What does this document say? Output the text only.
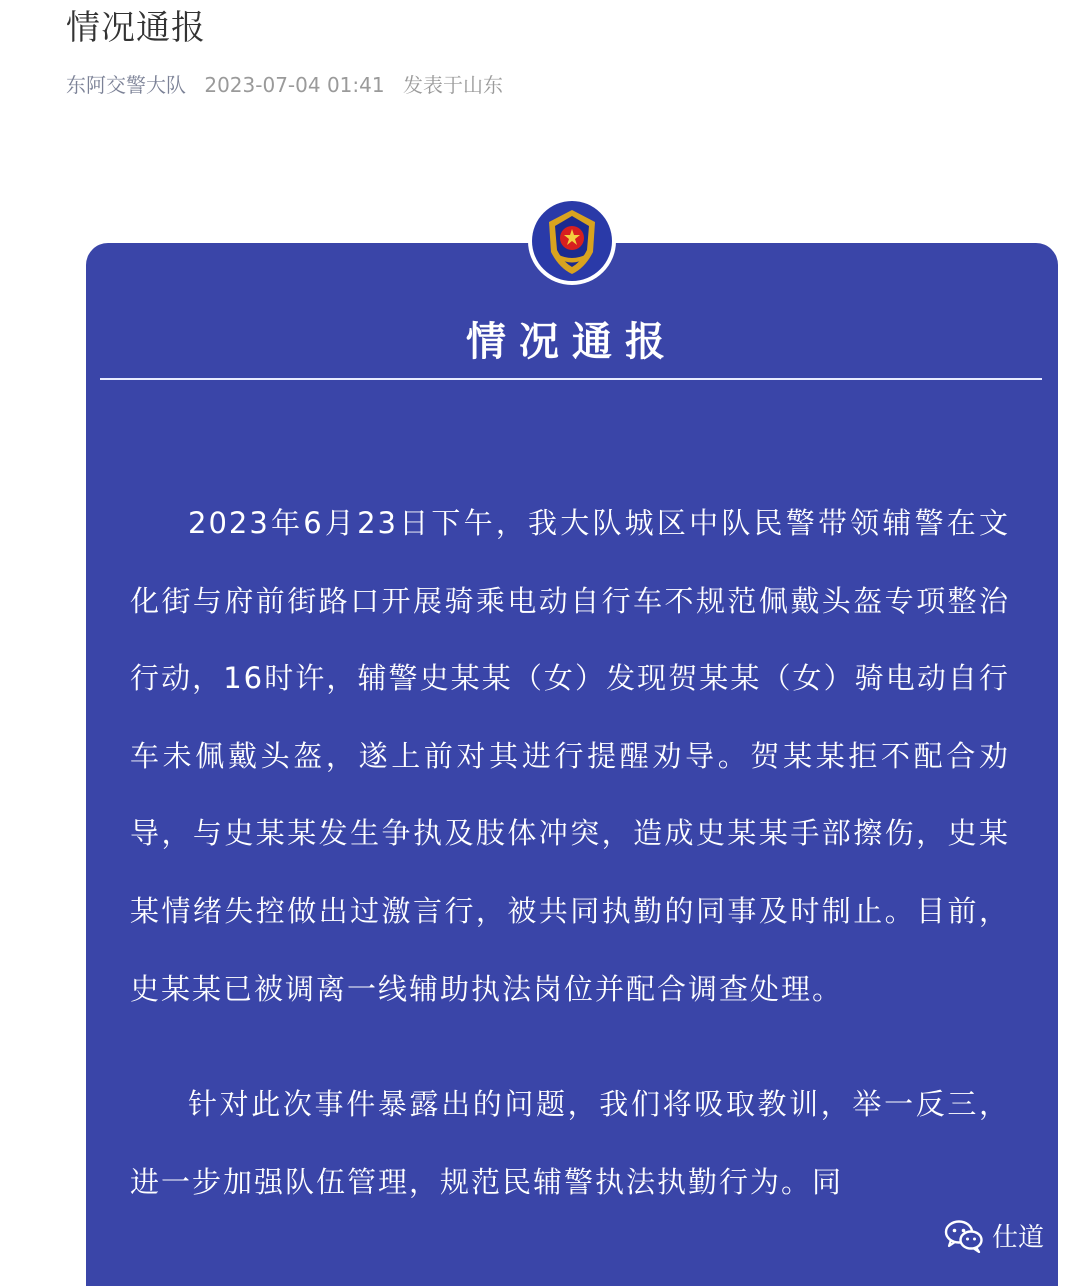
情况通报
东阿交警大队 2023-07-04 01:41 发表于山东
情况通报

2023年6月23日下午，我大队城区中队民警带领辅警在文化街与府前街路口开展骑乘电动自行车不规范佩戴头盔专项整治行动，16时许，辅警史某某（女）发现贺某某（女）骑电动自行车未佩戴头盔，遂上前对其进行提醒劝导。贺某某拒不配合劝导，与史某某发生争执及肢体冲突，造成史某某手部擦伤，史某某情绪失控做出过激言行，被共同执勤的同事及时制止。目前，史某某已被调离一线辅助执法岗位并配合调查处理。

针对此次事件暴露出的问题，我们将吸取教训，举一反三，进一步加强队伍管理，规范民辅警执法执勤行为。同

仕道
